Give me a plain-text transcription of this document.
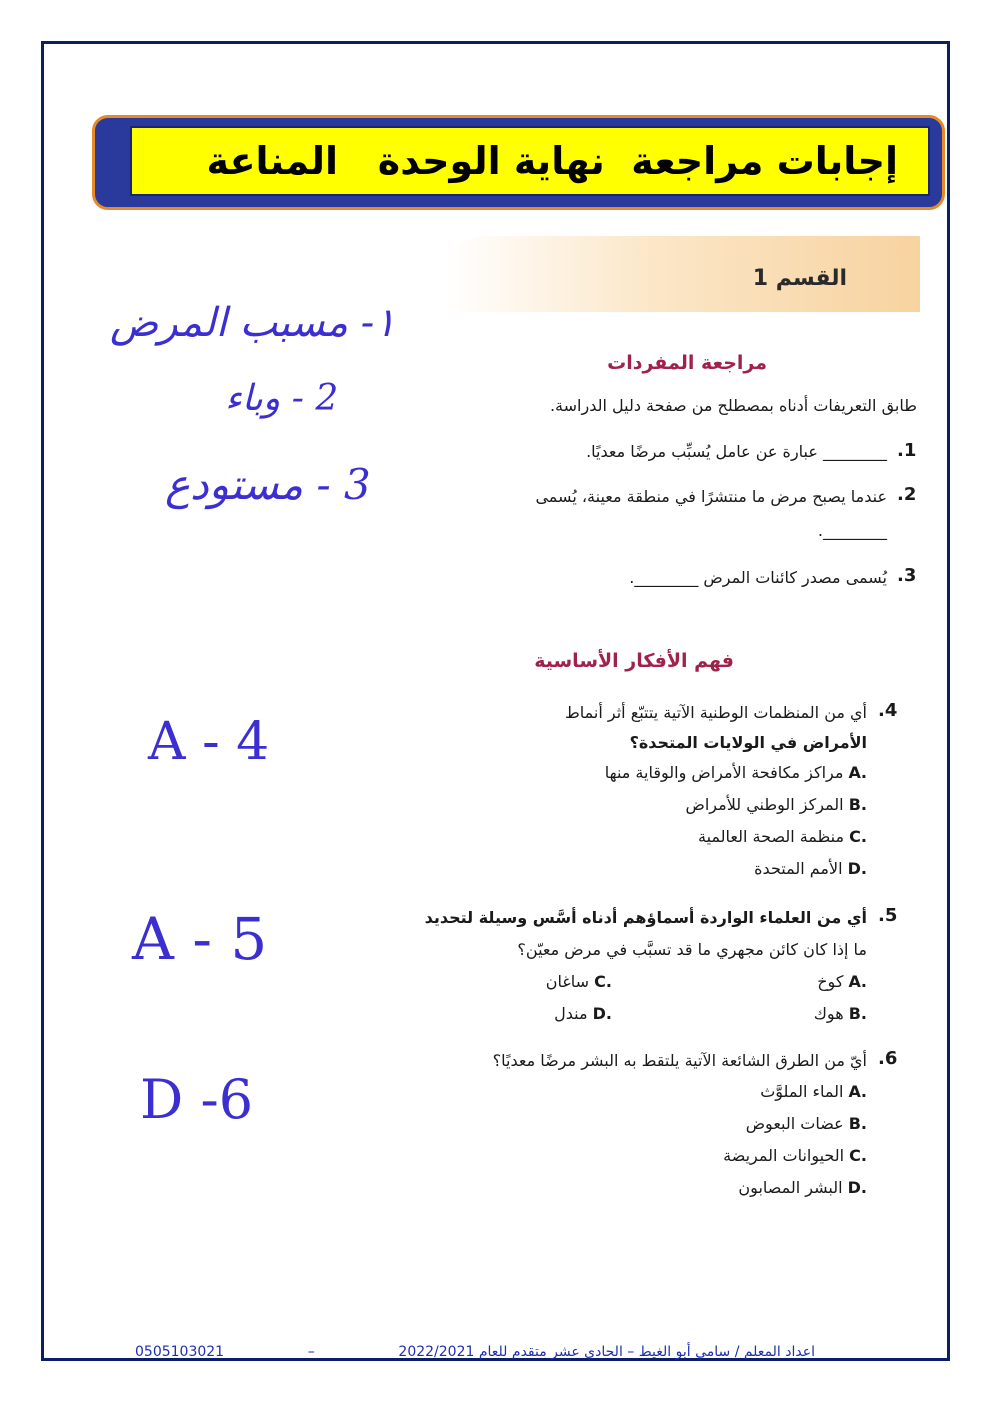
إجابات مراجعة  نهاية الوحدة   المناعة
القسم 1
مراجعة المفردات
طابق التعريفات أدناه بمصطلح من صفحة دليل الدراسة.
.1
________ عبارة عن عامل يُسبِّب مرضًا معديًا.
.2
عندما يصبح مرض ما منتشرًا في منطقة معينة، يُسمى
________.
.3
يُسمى مصدر كائنات المرض ________.
فهم الأفكار الأساسية
.4
أي من المنظمات الوطنية الآتية يتتبّع أثر أنماط
الأمراض في الولايات المتحدة؟
.A مراكز مكافحة الأمراض والوقاية منها
.B المركز الوطني للأمراض
.C منظمة الصحة العالمية
.D الأمم المتحدة
.5
أي من العلماء الواردة أسماؤهم أدناه أسَّس وسيلة لتحديد
ما إذا كان كائن مجهري ما قد تسبَّب في مرض معيّن؟
.A كوخ
.C ساغان
.B هوك
.D مندل
.6
أيّ من الطرق الشائعة الآتية يلتقط به البشر مرضًا معديًا؟
.A الماء الملوَّث
.B عضات البعوض
.C الحيوانات المريضة
.D البشر المصابون
١- مسبب المرض
2 - وباء
3 - مستودع
A - 4
A - 5
D -6
0505103021	–	اعداد المعلم / سامي أبو الغيط – الحادي عشر متقدم للعام 2022/2021
